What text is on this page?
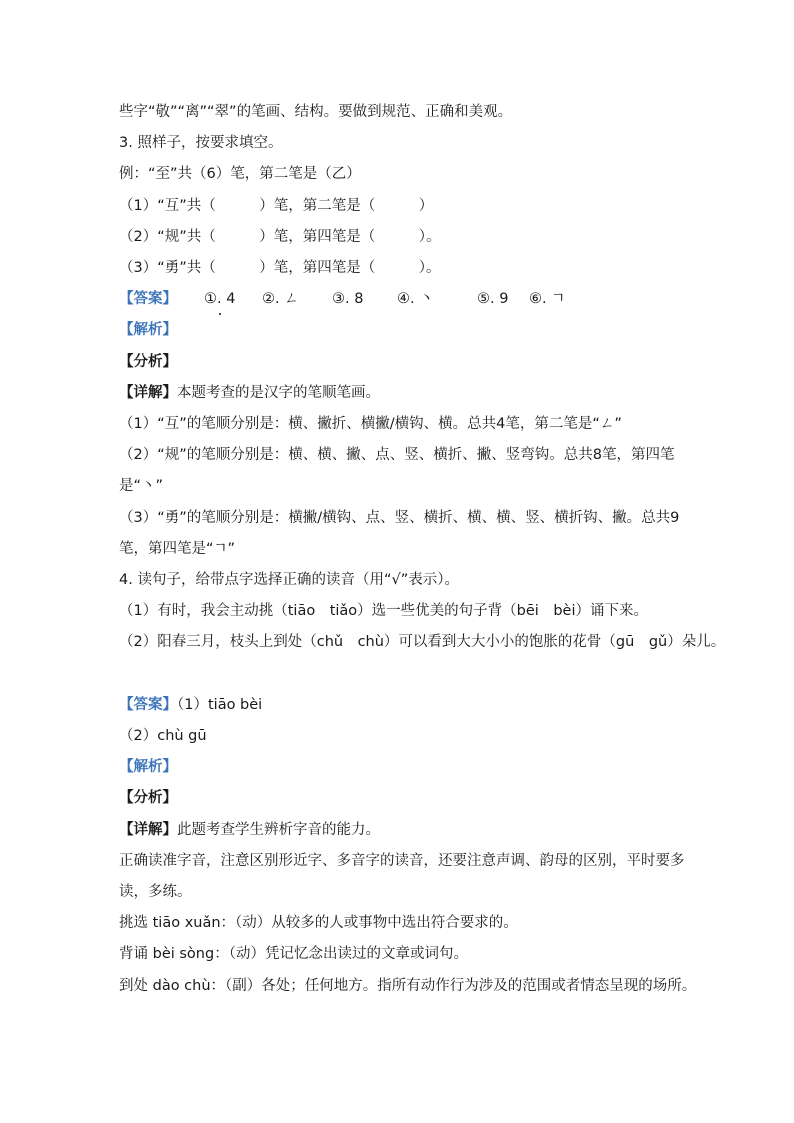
些字“敬”“离”“翠”的笔画、结构。要做到规范、正确和美观。
3. 照样子，按要求填空。
例：“至”共（6）笔，第二笔是（乙）
（1）“互”共（　　　）笔，第二笔是（　　　）
（2）“规”共（　　　）笔，第四笔是（　　　）。
（3）“勇”共（　　　）笔，第四笔是（　　　）。

【答案】

①. 4

②. ㄥ

③. 8

④. 丶

	⑤. 9

⑥. ㄱ

【解析】
【分析】
【详解】本题考查的是汉字的笔顺笔画。
（1）“互”的笔顺分别是：横、撇折、横撇/横钩、横。总共4笔，第二笔是“ㄥ”
（2）“规”的笔顺分别是：横、横、撇、点、竖、横折、撇、竖弯钩。总共8笔，第四笔
是“丶”
（3）“勇”的笔顺分别是：横撇/横钩、点、竖、横折、横、横、竖、横折钩、撇。总共9
笔，第四笔是“ㄱ”
4. 读句子，给带点字选择正确的读音（用“√”表示）。
（1）有时，我会主动挑（tiāo　tiǎo）选一些优美的句子背（bēi　bèi）诵下来。
（2）阳春三月，枝头上到处（chǔ　chù）可以看到大大小小的饱胀的花骨（gū　gǔ）朵儿。
【答案】（1）tiāo bèi
（2）chù gū
【解析】
【分析】
【详解】此题考查学生辨析字音的能力。
正确读准字音，注意区别形近字、多音字的读音，还要注意声调、韵母的区别，平时要多
读，多练。
挑选 tiāo xuǎn：（动）从较多的人或事物中选出符合要求的。
背诵 bèi sòng：（动）凭记忆念出读过的文章或词句。
到处 dào chù：（副）各处；任何地方。指所有动作行为涉及的范围或者情态呈现的场所。
